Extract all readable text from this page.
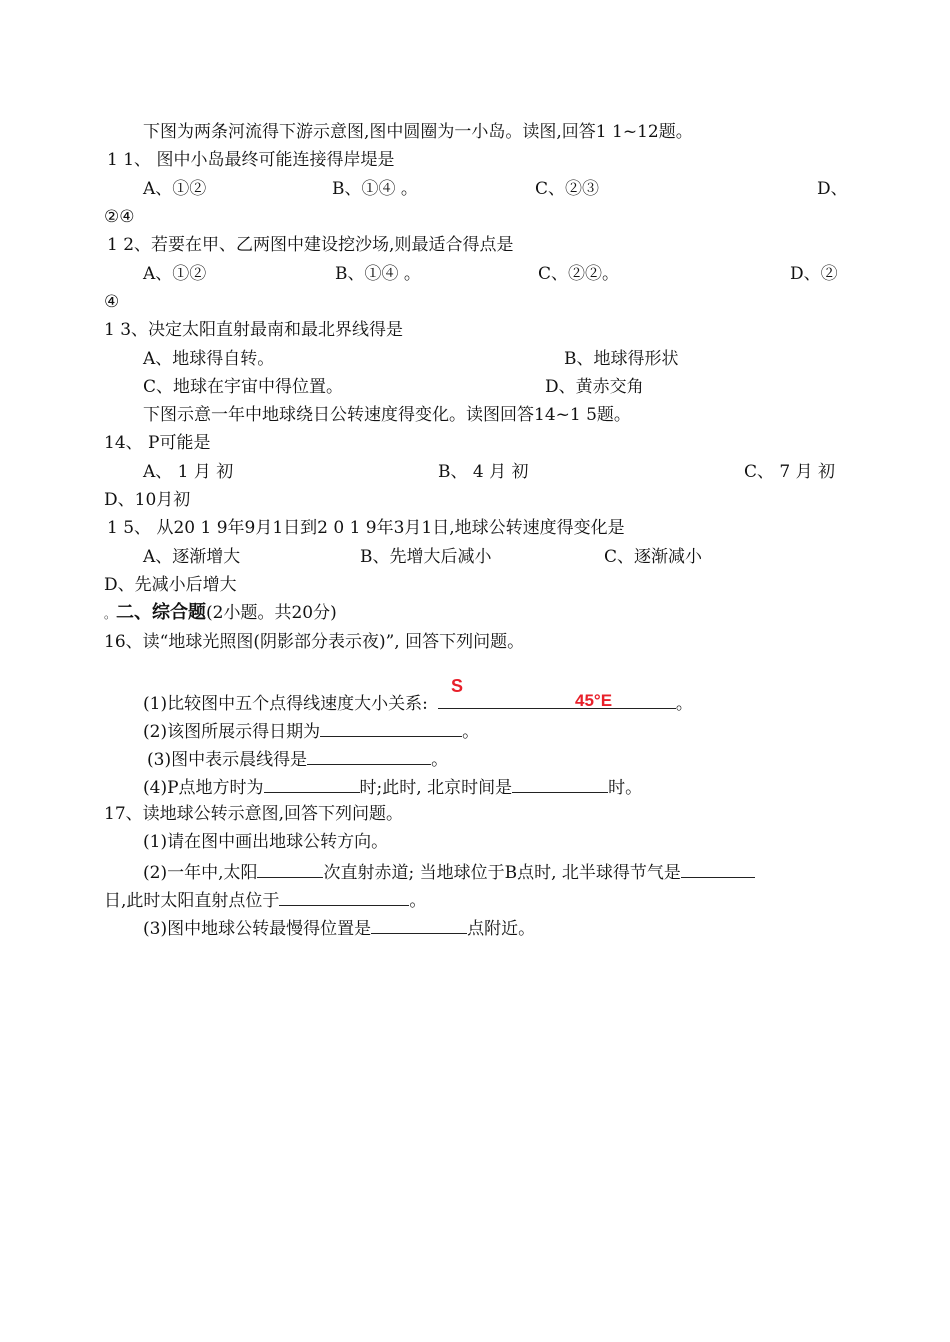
下图为两条河流得下游示意图,图中圆圈为一小岛。读图,回答1 1~12题。
1 1、 图中小岛最终可能连接得岸堤是
A、①②	B、①④ 。	C、②③	D、
②④
1 2、若要在甲、乙两图中建设挖沙场,则最适合得点是
A、①②	B、①④ 。	C、②②。	D、②
④
1 3、决定太阳直射最南和最北界线得是
A、地球得自转。	B、地球得形状
C、地球在宇宙中得位置。	D、黄赤交角
下图示意一年中地球绕日公转速度得变化。读图回答14~1 5题。
14、 P可能是
A、 1 月 初	B、 4 月 初	C、 7 月 初
D、10月初
1 5、 从20 1 9年9月1日到2 0 1 9年3月1日,地球公转速度得变化是
A、逐渐增大	B、先增大后减小	C、逐渐减小
D、先减小后增大
。二、综合题(2小题。共20分)
16、读“地球光照图(阴影部分表示夜)”, 回答下列问题。
S
45°E
(1)比较图中五个点得线速度大小关系:	。
(2)该图所展示得日期为	。
(3)图中表示晨线得是	。
(4)P点地方时为	时;此时, 北京时间是	时。
17、读地球公转示意图,回答下列问题。
(1)请在图中画出地球公转方向。
(2)一年中,太阳	次直射赤道; 当地球位于B点时, 北半球得节气是
日,此时太阳直射点位于	。
(3)图中地球公转最慢得位置是	点附近。
